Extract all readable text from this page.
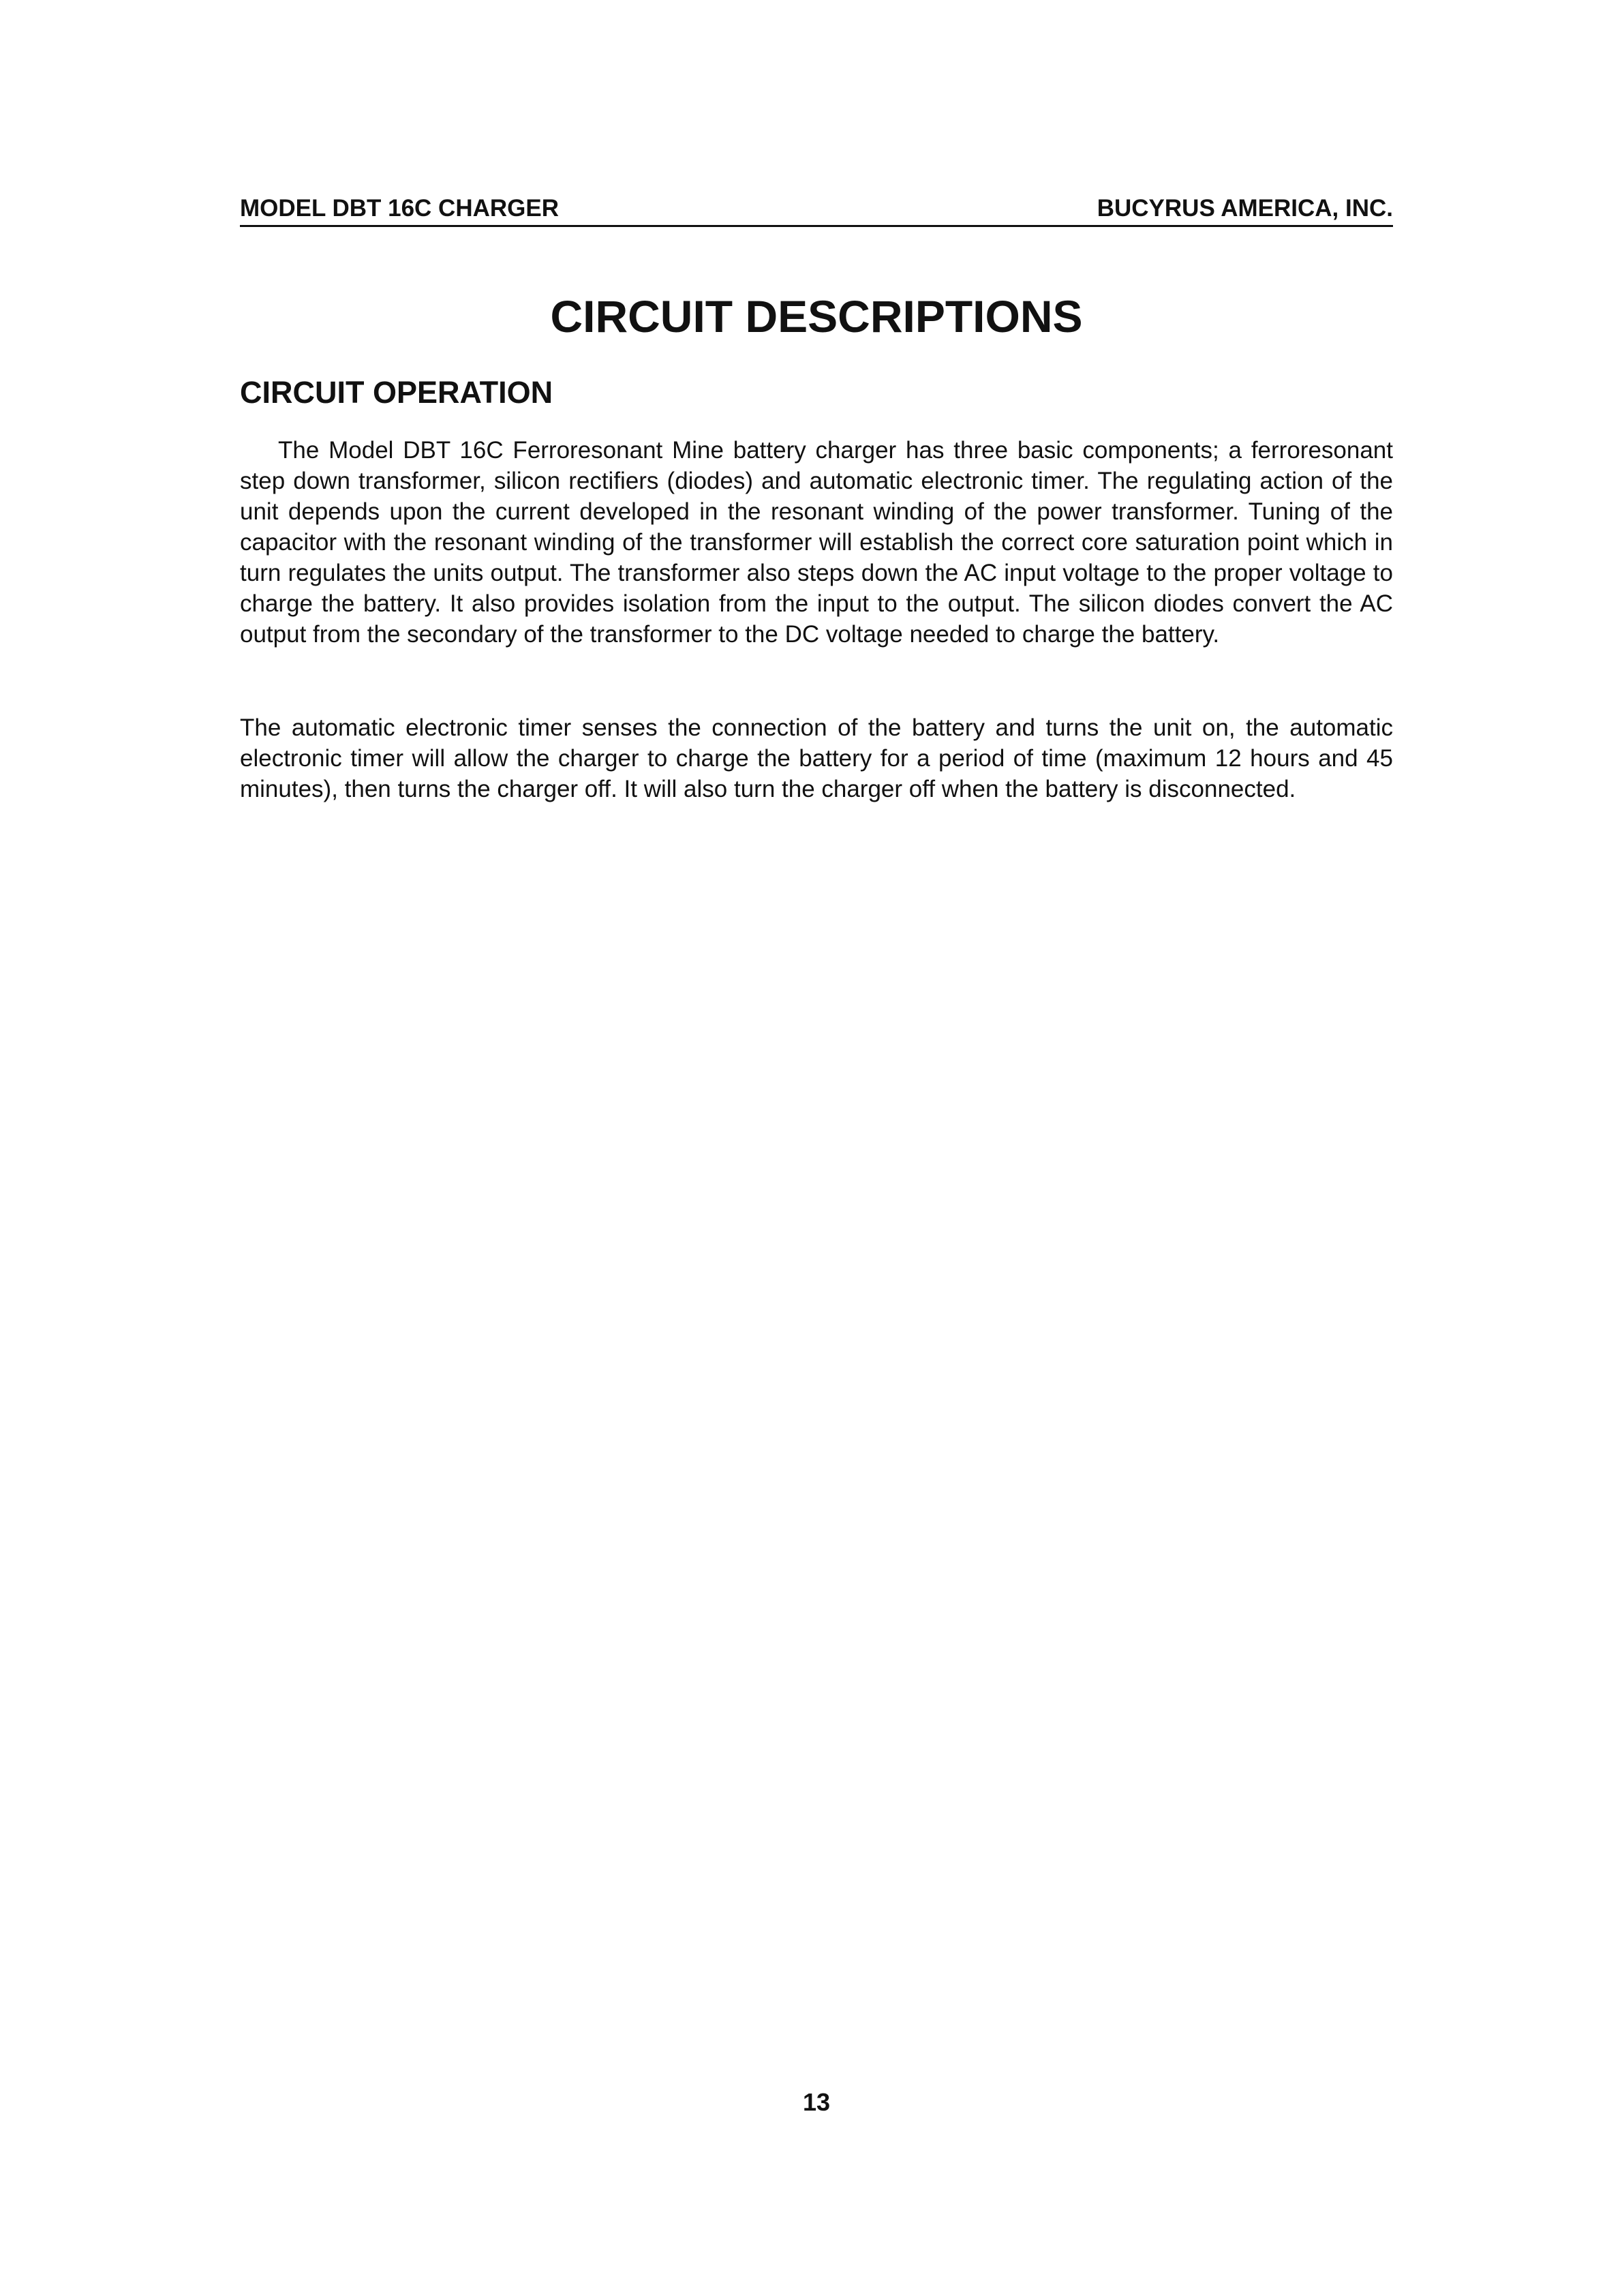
MODEL DBT 16C CHARGER	BUCYRUS AMERICA, INC.
CIRCUIT DESCRIPTIONS
CIRCUIT OPERATION

The Model DBT 16C Ferroresonant Mine battery charger has three basic components; a ferroresonant step down transformer, silicon rectifiers (diodes) and automatic electronic timer. The regulating action of the unit depends upon the current developed in the resonant winding of the power transformer. Tuning of the capacitor with the resonant winding of the transformer will establish the correct core saturation point which in turn regulates the units output. The transformer also steps down the AC input voltage to the proper voltage to charge the battery. It also provides isolation from the input to the output. The silicon diodes convert the AC output from the secondary of the transformer to the DC voltage needed to charge the battery.

The automatic electronic timer senses the connection of the battery and turns the unit on, the automatic electronic timer will allow the charger to charge the battery for a period of time (maximum 12 hours and 45 minutes), then turns the charger off. It will also turn the charger off when the battery is disconnected.

13
